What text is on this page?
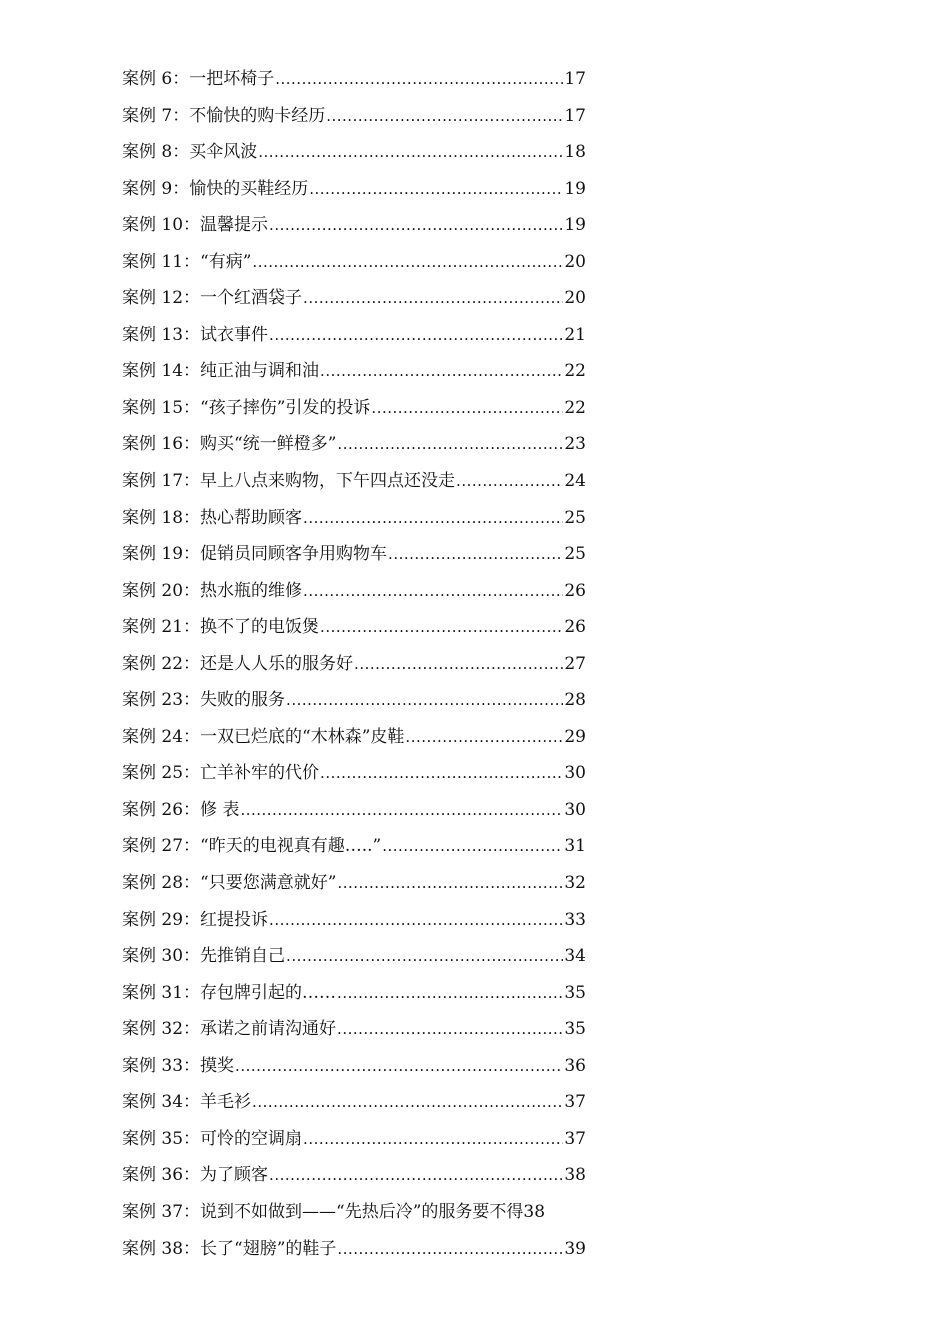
案例 6：一把坏椅子 .....	17
案例 7：不愉快的购卡经历 .....	17
案例 8：买伞风波 .....	18
案例 9：愉快的买鞋经历 .....	19
案例 10：温馨提示 .....	19
案例 11：“有病” .....	20
案例 12：一个红酒袋子 .....	20
案例 13：试衣事件 .....	21
案例 14：纯正油与调和油 .....	22
案例 15：“孩子摔伤”引发的投诉 .....	22
案例 16：购买“统一鲜橙多” .....	23
案例 17：早上八点来购物，下午四点还没走 .....	24
案例 18：热心帮助顾客 .....	25
案例 19：促销员同顾客争用购物车 .....	25
案例 20：热水瓶的维修 .....	26
案例 21：换不了的电饭煲 .....	26
案例 22：还是人人乐的服务好 .....	27
案例 23：失败的服务 .....	28
案例 24：一双已烂底的“木林森”皮鞋 .....	29
案例 25：亡羊补牢的代价 .....	30
案例 26：修 表 .....	30
案例 27：“昨天的电视真有趣…..” .....	31
案例 28：“只要您满意就好” .....	32
案例 29：红提投诉 .....	33
案例 30：先推销自己 .....	34
案例 31：存包牌引起的…… .....	35
案例 32：承诺之前请沟通好 .....	35
案例 33：摸奖 .....	36
案例 34：羊毛衫 .....	37
案例 35：可怜的空调扇 .....	37
案例 36：为了顾客 .....	38
案例 37：说到不如做到——“先热后冷”的服务要不得 38
案例 38：长了“翅膀”的鞋子 .....	39
